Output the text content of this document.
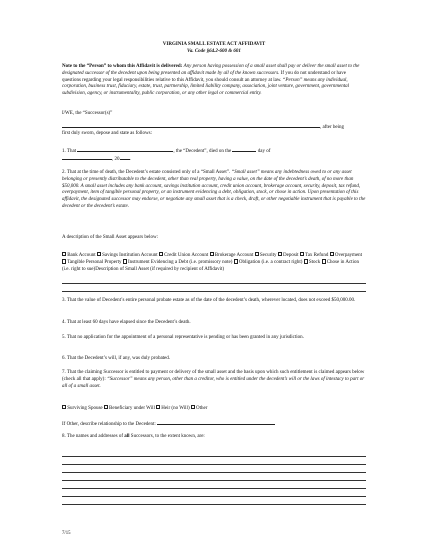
VIRGINIA SMALL ESTATE ACT AFFIDAVIT
Va. Code §64.2-600 & 601
Note to the “Person” to whom this Affidavit is delivered: Any person having possession of a small asset shall pay or deliver the small asset to the designated successor of the decedent upon being presented an affidavit made by all of the known successors. If you do not understand or have questions regarding your legal responsibilities relative to this Affidavit, you should consult an attorney at law. “Person” means any individual, corporation, business trust, fiduciary, estate, trust, partnership, limited liability company, association, joint venture, government, governmental subdivision, agency, or instrumentality, public corporation, or any other legal or commercial entity.
I/WE, the “Successor(s)”
, after being
first duly sworn, depose and state as follows:
1. That	, the “Decedent”, died on the	day of
, 20 .
2. That at the time of death, the Decedent’s estate consisted only of a “Small Asset”. “Small asset” means any indebtedness owed to or any asset belonging or presently distributable to the decedent, other than real property, having a value, on the date of the decedent’s death, of no more than $50,000. A small asset includes any bank account, savings institution account, credit union account, brokerage account, security, deposit, tax refund, overpayment, item of tangible personal property, or an instrument evidencing a debt, obligation, stock, or chose in action. Upon presentation of this affidavit, the designated successor may endorse, or negotiate any small asset that is a check, draft, or other negotiable instrument that is payable to the decedent or the decedent’s estate.
A description of the Small Asset appears below:
Bank Account Savings Institution Account Credit Union Account Brokerage Account Security Deposit Tax Refund Overpayment Tangible Personal Property Instrument Evidencing a Debt (i.e. promissory note) Obligation (i.e. a contract right) Stock Chose in Action (i.e. right to sue)Description of Small Asset (if required by recipient of Affidavit)
3. That the value of Decedent’s entire personal probate estate as of the date of the decedent’s death, wherever located, does not exceed $50,000.00.
4. That at least 60 days have elapsed since the Decedent’s death.
5. That no application for the appointment of a personal representative is pending or has been granted in any jurisdiction.
6. That the Decedent’s will, if any, was duly probated.
7. That the claiming Successor is entitled to payment or delivery of the small asset and the basis upon which such entitlement is claimed appears below (check all that apply): “Successor” means any person, other than a creditor, who is entitled under the decedent’s will or the laws of intestacy to part or all of a small asset.
Surviving Spouse Beneficiary under Will Heir (no Will) Other
If Other, describe relationship to the Decedent:
8. The names and addresses of all Successors, to the extent known, are:
7/15
